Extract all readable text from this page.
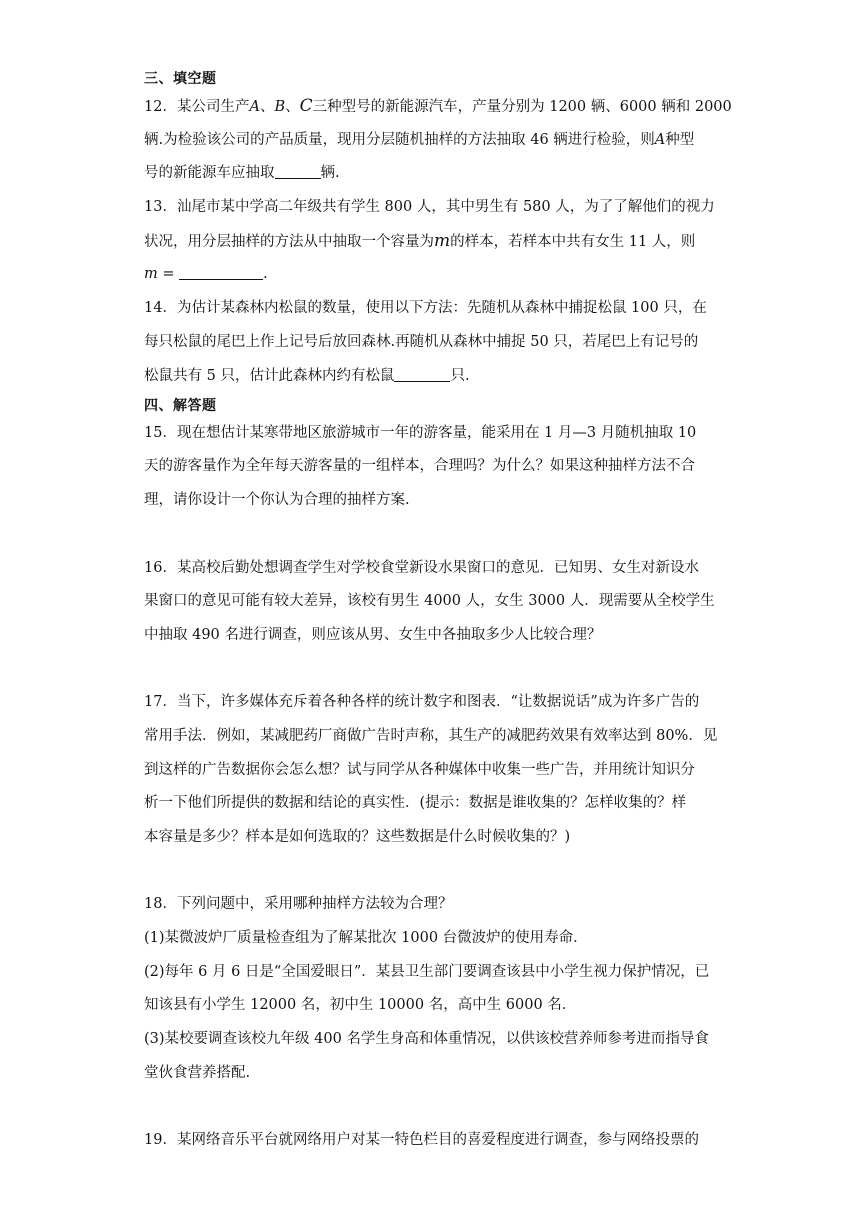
三、填空题
12．某公司生产A、B、C三种型号的新能源汽车，产量分别为 1200 辆、6000 辆和 2000
辆.为检验该公司的产品质量，现用分层随机抽样的方法抽取 46 辆进行检验，则A种型
号的新能源车应抽取	辆.
13．汕尾市某中学高二年级共有学生 800 人，其中男生有 580 人，为了了解他们的视力
状况，用分层抽样的方法从中抽取一个容量为m的样本，若样本中共有女生 11 人，则
m =	.
14．为估计某森林内松鼠的数量，使用以下方法：先随机从森林中捕捉松鼠 100 只，在
每只松鼠的尾巴上作上记号后放回森林.再随机从森林中捕捉 50 只，若尾巴上有记号的
松鼠共有 5 只，估计此森林内约有松鼠	只.
四、解答题
15．现在想估计某寒带地区旅游城市一年的游客量，能采用在 1 月—3 月随机抽取 10
天的游客量作为全年每天游客量的一组样本，合理吗？为什么？如果这种抽样方法不合
理，请你设计一个你认为合理的抽样方案.
16．某高校后勤处想调查学生对学校食堂新设水果窗口的意见．已知男、女生对新设水
果窗口的意见可能有较大差异，该校有男生 4000 人，女生 3000 人．现需要从全校学生
中抽取 490 名进行调查，则应该从男、女生中各抽取多少人比较合理？
17．当下，许多媒体充斥着各种各样的统计数字和图表．“让数据说话”成为许多广告的
常用手法．例如，某减肥药厂商做广告时声称，其生产的减肥药效果有效率达到 80%．见
到这样的广告数据你会怎么想？试与同学从各种媒体中收集一些广告，并用统计知识分
析一下他们所提供的数据和结论的真实性．(提示：数据是谁收集的？怎样收集的？样
本容量是多少？样本是如何选取的？这些数据是什么时候收集的？)
18．下列问题中，采用哪种抽样方法较为合理？
(1)某微波炉厂质量检查组为了解某批次 1000 台微波炉的使用寿命．
(2)每年 6 月 6 日是“全国爱眼日”．某县卫生部门要调查该县中小学生视力保护情况，已
知该县有小学生 12000 名，初中生 10000 名，高中生 6000 名．
(3)某校要调查该校九年级 400 名学生身高和体重情况，以供该校营养师参考进而指导食
堂伙食营养搭配.
19．某网络音乐平台就网络用户对某一特色栏目的喜爱程度进行调查，参与网络投票的
